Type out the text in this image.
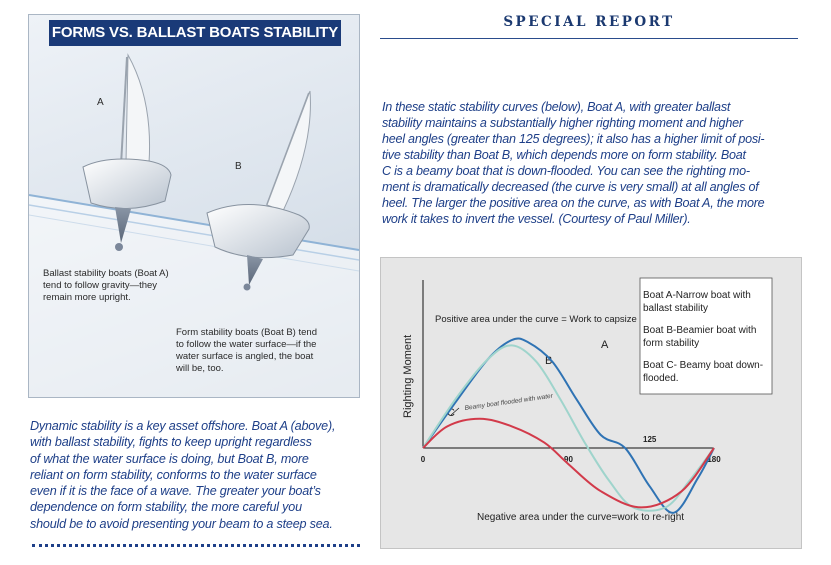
FORMS VS. BALLAST BOATS STABILITY
A
B
Ballast stability boats (Boat A)
tend to follow gravity—they
remain more upright.
Form stability boats (Boat B) tend
to follow the water surface—if the
water surface is angled, the boat
will be, too.
Dynamic stability is a key asset offshore. Boat A (above),
with ballast stability, fights to keep upright regardless
of what the water surface is doing, but Boat B, more
reliant on form stability, conforms to the water surface
even if it is the face of a wave. The greater your boat’s
dependence on form stability, the more careful you
should be to avoid presenting your beam to a steep sea.
SPECIAL REPORT
In these static stability curves (below), Boat A, with greater ballast
stability maintains a substantially higher righting moment and higher
heel angles (greater than 125 degrees); it also has a higher limit of posi-
tive stability than Boat B, which depends more on form stability. Boat
C is a beamy boat that is down-flooded. You can see the righting mo-
ment is dramatically decreased (the curve is very small) at all angles of
heel. The larger the positive area on the curve, as with Boat A, the more
work it takes to invert the vessel. (Courtesy of Paul Miller).
Righting Moment
0	90	180
125
Positive area under the curve = Work to capsize
Negative area under the curve=work to re-right
A
B
C
Beamy boat flooded with water
Boat A-Narrow boat with
ballast stability
Boat B-Beamier boat with
form stability
Boat C- Beamy boat down-
flooded.
